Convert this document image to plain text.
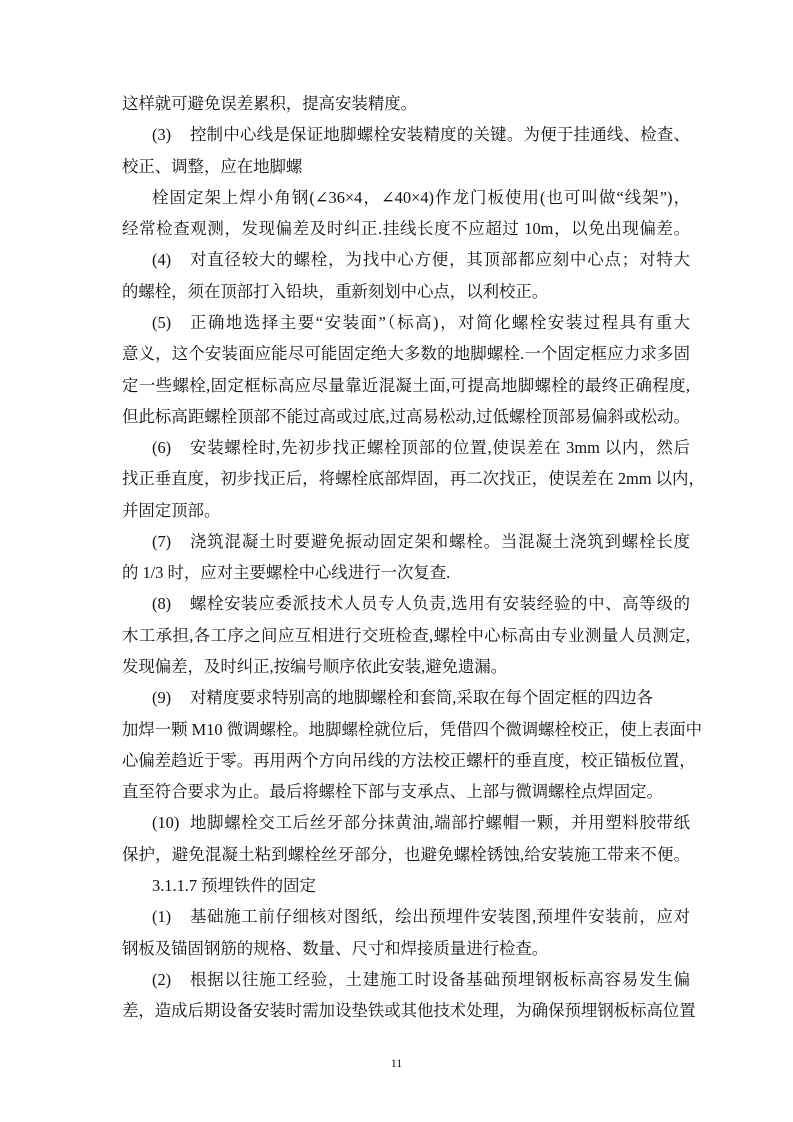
这样就可避免误差累积，提高安装精度。
(3)	控制中心线是保证地脚螺栓安装精度的关键。为便于挂通线、检查、
校正、调整，应在地脚螺
栓固定架上焊小角钢(∠36×4，∠40×4)作龙门板使用(也可叫做“线架”)，
经常检查观测，发现偏差及时纠正.挂线长度不应超过 10m，以免出现偏差。
(4)	对直径较大的螺栓，为找中心方便，其顶部都应刻中心点；对特大
的螺栓，须在顶部打入铅块，重新刻划中心点，以利校正。
(5)	正确地选择主要“安装面”（标高)，对简化螺栓安装过程具有重大
意义，这个安装面应能尽可能固定绝大多数的地脚螺栓.一个固定框应力求多固
定一些螺栓,固定框标高应尽量靠近混凝土面,可提高地脚螺栓的最终正确程度,
但此标高距螺栓顶部不能过高或过底,过高易松动,过低螺栓顶部易偏斜或松动。
(6)	安装螺栓时,先初步找正螺栓顶部的位置,使误差在 3mm 以内，然后
找正垂直度，初步找正后，将螺栓底部焊固，再二次找正，使误差在 2mm 以内，
并固定顶部。
(7)	浇筑混凝土时要避免振动固定架和螺栓。当混凝土浇筑到螺栓长度
的 1/3 时，应对主要螺栓中心线进行一次复查.
(8)	螺栓安装应委派技术人员专人负责,选用有安装经验的中、高等级的
木工承担,各工序之间应互相进行交班检查,螺栓中心标高由专业测量人员测定,
发现偏差，及时纠正,按编号顺序依此安装,避免遗漏。
(9)	对精度要求特别高的地脚螺栓和套筒,采取在每个固定框的四边各
加焊一颗 M10 微调螺栓。地脚螺栓就位后，凭借四个微调螺栓校正，使上表面中
心偏差趋近于零。再用两个方向吊线的方法校正螺杆的垂直度，校正锚板位置，
直至符合要求为止。最后将螺栓下部与支承点、上部与微调螺栓点焊固定。
(10) 地脚螺栓交工后丝牙部分抹黄油,端部拧螺帽一颗，并用塑料胶带纸
保护，避免混凝土粘到螺栓丝牙部分，也避免螺栓锈蚀,给安装施工带来不便。
3.1.1.7 预埋铁件的固定
(1)	基础施工前仔细核对图纸，绘出预埋件安装图,预埋件安装前，应对
钢板及锚固钢筋的规格、数量、尺寸和焊接质量进行检查。
(2)	根据以往施工经验，土建施工时设备基础预埋钢板标高容易发生偏
差，造成后期设备安装时需加设垫铁或其他技术处理，为确保预埋钢板标高位置
11
